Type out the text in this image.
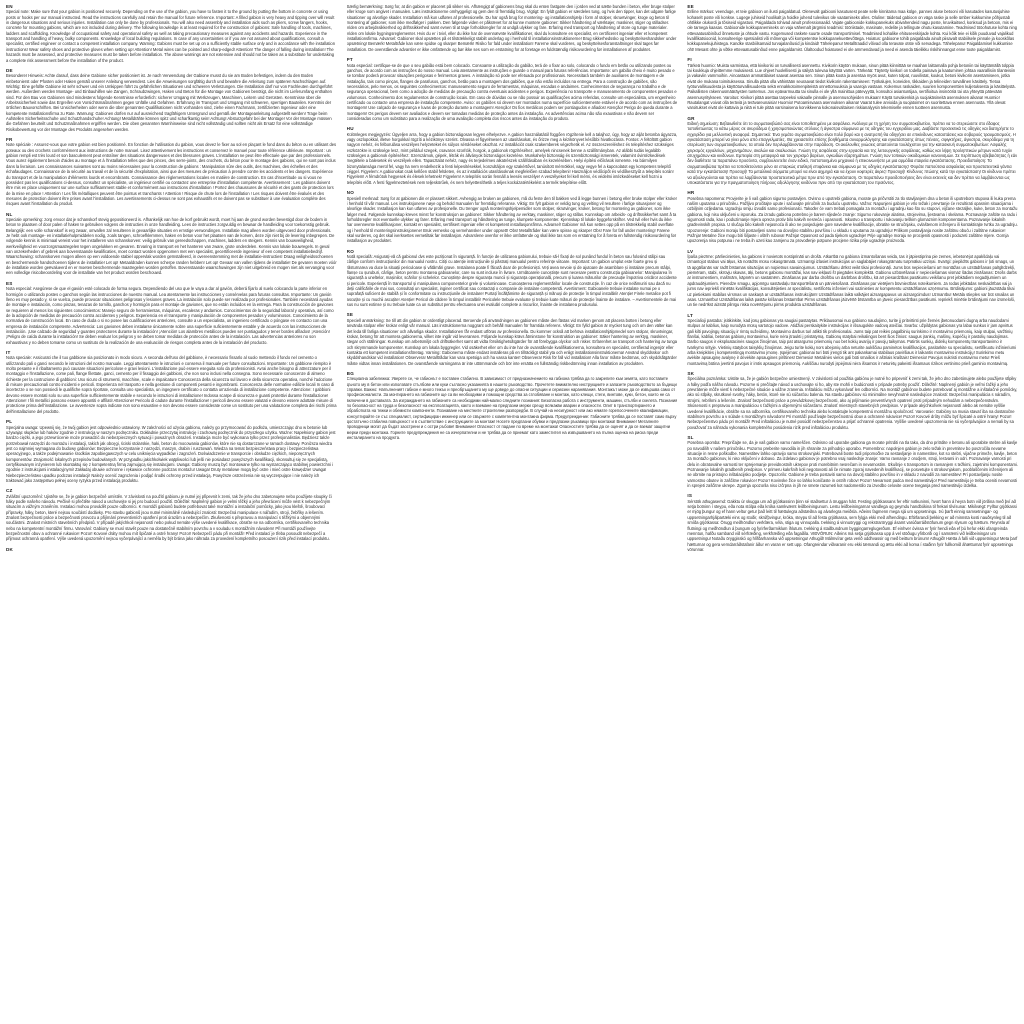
EN

Special note: Make sure that your gabion is positioned securely. Depending on the use of the gabion, you have to fasten it to the ground by putting the bottom in concrete or using posts or hooks per our manual instructed. Read the instructions carefully and retain the manual for future reference. Important: A filled gabion is very heavy and tipping over will result in dangerous situations and serious injuries. Installation can only be done by professionals. You will also need assembly and installation aids such as pliers, screw fangers, hooks, concrete for mounting gabions, which are not included during delivery. The following knowledge is at least required for the construction of gabions: Safe handling of tools, machines, ladders and scaffolding. Knowledge of occupational safety and operational safety as well as taking precautionary measures against any accidents and hazards. Experience in the transport and handling of heavy, bulky components. Knowledge of local building regulations. In case of any uncertainties or if you are not assured about qualifications, consult a specialist, certified engineer or contact a competent installation company. Warning: Gabions must be set up on a sufficiently stable surface only and in accordance with the installation instructions! Wear safety shoes and protective gloves when setting up! Attention! Metal wires can be pointed and sharp-edged! Attention! The danger of falling during installation! The hazards must be assessed, and protective measures must be taken before installation. The above warnings are not extensive and should not be taken as a substitute for undertaking a complete risk assessment before the installation of the product.

DE

Besonderer Hinweis: Achte darauf, dass deine Gabione sicher positioniert ist. Je nach Verwendung der Gabione musst du sie am Boden befestigen, indem du den Boden einbetonierst oder Pfosten oder Haken gemäß unserer Anleitung verwendest. Lies die Anweisungen sorgfältig durch und bewahre die Anleitung zum späteren Nachschlagen auf. Wichtig: Eine gefüllte Gabione ist sehr schwer und ein Umkippen führt zu gefährlichen Situationen und schweren Verletzungen. Die Installation darf nur von Fachleuten durchgeführt werden. Außerdem werden Montage- und Einbauhilfen wie Zangen, Schraubzwingen, Haken und Beton für die Montage von Gabionen benötigt, die nicht im Lieferumfang enthalten sind. Für den Bau von Gabionen sind mindestens folgende Kenntnisse erforderlich: sicherer Umgang mit Werkzeugen, Maschinen, Leitern und Gerüsten. Kenntnisse über die Arbeitssicherheit sowie das Ergreifen von Vorsichtsmaßnahmen gegen Unfälle und Gefahren. Erfahrung im Transport und Umgang mit schweren, sperrigen Bauteilen. Kenntnis der örtlichen Bauvorschriften. Bei Unsicherheiten oder wenn die über genannten Qualifikationen nicht vorhanden sind, ziehe einen Fachmann, zertifizierten Ingenieur oder eine kompetente Installationsfirma zu Rate. Warnung: Gabionen dürfen nur auf ausreichend tragfähigem Untergrund und gemäß der Montageanleitung aufgestellt werden! Trage beim Aufstellen Sicherheitsschuhe und Schutzhandschuhe! Achtung! Metalldrähte können spitz und scharfkantig sein! Achtung! Absturzgefahr bei der Montage! Vor der Montage müssen die Gefahren beurteilt und Schutzmaßnahmen ergriffen werden. Die oben genannten Warnhinweise sind nicht vollständig und sollten nicht als Ersatz für eine vollständige Risikobewertung vor der Montage des Produkts angesehen werden.

FR

Note spéciale : Assurez-vous que votre gabion est bien positionné. En fonction de l'utilisation du gabion, vous devez le fixer au sol en plaçant le fond dans du béton ou en utilisant des poteaux ou des crochets conformément aux instructions de notre manuel. Lisez attentivement les instructions et conservez le manuel pour toute référence ultérieure. Important : un gabion rempli est très lourd et son basculement peut entraîner des situations dangereuses et des blessures graves. L'installation ne peut être effectuée que par des professionnels. Vous aurez également besoin d'aides au montage et à l'installation telles que des pinces, des serre-joints, des crochets, du béton pour le montage des gabions, qui ne sont pas inclus dans la livraison. Les connaissances suivantes sont au moins nécessaires pour la construction de gabions : Manipulation sûre des outils, des machines, des échelles et des échafaudages. Connaissance de la sécurité au travail et de la sécurité d'exploitation, ainsi que des mesures de précaution à prendre contre les accidents et les dangers. Expérience du transport et de la manipulation d'éléments lourds et encombrants. Connaissance des réglementations locales en matière de construction. En cas d'incertitude ou si vous ne possédez pas les qualifications ci-dessus, consultez un spécialiste, un ingénieur certifié ou contactez une entreprise d'installation compétente. Avertissement : Les gabions doivent être mis en place uniquement sur une surface suffisamment stable et conformément aux instructions d'installation ! Portez des chaussures de sécurité et des gants de protection lors de la mise en place ! Attention ! Les fils métalliques peuvent être pointus et tranchants ! Attention ! Risque de chute lors de l'installation ! Les risques doivent être évalués et des mesures de protection doivent être prises avant l'installation. Les avertissements ci-dessus ne sont pas exhaustifs et ne doivent pas se substituer à une évaluation complète des risques avant l'installation du produit.

NL

Speciale opmerking: zorg ervoor dat je schanskorf stevig gepositioneerd is. Afhankelijk van hoe de korf gebruikt wordt, moet hij aan de grond worden bevestigd door de bodem in beton te plaatsen of door palen of haken te gebruiken volgens de instructies in onze handleiding. Lees de instructies zorgvuldig en bewaar de handleiding voor toekomstig gebruik. Belangrijk: een volle schanskorf is erg zwaar, omvallen zal resulteren in gevaarlijke situaties en ernstige verwondingen. Installatie mag alleen worden uitgevoerd door professionals. Je hebt ook montage- en installatiehulpmiddelen nodig, zoals tangen, schroefklemmen, haken en beton voor het plaatsen van de korven, deze zijn niet bij de levering inbegrepen. De volgende kennis is minimaal vereist voor het installeren van schanskorven: veilig gebruik van gereedschappen, machines, ladders en steigers. Kennis van bouwveiligheid, werkveiligheid en voorzorgsmaatregelen tegen ongelukken en gevaren. Ervaring in transport en het hanteren van zware, grote onderdelen. Kennis van lokale bouwregels. In geval van onzekerheden of gebrek aan bovenstaande kwalificaties, moet contact worden opgenomen met een specialist, gecertificeerde ingenieur of een competent installatiebedrijf. Waarschuwing: schanskorven mogen alleen op een voldoende stabiel oppervlak worden geïnstalleerd, in overeenstemming met de installatie-instructies! Draag veiligheidsschoenen en beschermende handschoenen tijdens de installatie! Let op! Metaaldraden kunnen scherpe randen hebben! Let op! Gevaar van vallen tijdens de installatie! De gevaren moeten vóór de installatie worden geëvalueerd en er moeten beschermende maatregelen worden getroffen. Bovenstaande waarschuwingen zijn niet uitgebreid en mogen niet als vervanging voor een volledige risicobeoordeling voor de installatie van het product worden beschouwd.

ES

Nota especial: Asegúrese de que el gavión esté colocado de forma segura. Dependiendo del uso que le vaya a dar al gavión, deberá fijarlo al suelo colocando la parte inferior en hormigón o utilizando postes o ganchos según las instrucciones de nuestro manual. Lea atentamente las instrucciones y consérvelas para futuras consultas. Importante: Un gavión lleno es muy pesado y, si se vuelca, puede provocar situaciones peligrosas y lesiones graves. La instalación solo puede ser realizada por profesionales. También necesitará ayudas de montaje e instalación, como pinzas, tenazas de tornillo, ganchos y hormigón para el montaje de gaviones, que no están incluidos en la entrega. Para la construcción de gaviones se requieren al menos los siguientes conocimientos: Manejo seguro de herramientas, máquinas, escaleras y andamios. Conocimientos de la seguridad laboral y operativa, así como de la adopción de medidas de precaución contra accidentes y peligros. Experiencia en el transporte y manipulación de componentes pesados y voluminosos. Conocimiento de la normativa de construcción local. En caso de duda o si no posee las cualificaciones anteriores, consulte a un especialista, un ingeniero certificado o póngase en contacto con una empresa de instalación competente. Advertencia: Los gaviones deben instalarse únicamente sobre una superficie suficientemente estable y de acuerdo con las instrucciones de instalación. ¡Use calzado de seguridad y guantes protectores durante la instalación! ¡Atención! Los alambres metálicos pueden ser puntiagudos y tener bordes afilados! ¡Atención! ¡Peligro de caída durante la instalación! Se deben evaluar los peligros y se deben tomar medidas de protección antes de la instalación. Las advertencias anteriores no son exhaustivas y no deben tomarse como un sustituto de la realización de una evaluación de riesgos completa antes de la instalación del producto.

IT

Nota speciale: Assicurati che il tuo gabbione sia posizionato in modo sicuro. A seconda dell'uso del gabbione, è necessario fissarlo al suolo mettendo il fondo nel cemento o utilizzando pali o ganci secondo le istruzioni del nostro manuale. Leggi attentamente le istruzioni e conserva il manuale per future consultazioni. Importante: Un gabbione riempito è molto pesante e il ribaltamento può causare situazioni pericolose e gravi lesioni. L'installazione può essere eseguita solo da professionisti. Avrai anche bisogno di attrezzature per il montaggio e l'installazione, come pali, flange filettate, ganci, cemento per il fissaggio dei gabbioni, che non sono inclusi nella consegna. Sono necessarie conoscenze di almeno richieste per la costruzione di gabbioni: Uso sicuro di strumenti, macchine, scale e impalcature Conoscenza della sicurezza sul lavoro e della sicurezza operativa, nonché l'adozione di misure precauzionali contro incidenti e pericoli. Esperienza nel trasporto e nella gestione di componenti pesanti e ingombranti. Conoscenza delle normative edilizie locali In caso di incertezze o se non possiedi le qualifiche sopra riportate, consulta uno specialista, un ingegnere certificato o contatta un'azienda di installazione competente. Attenzione: I gabbioni devono essere montati solo su una superficie sufficientemente stabile e secondo le istruzioni di installazione! Indossa scarpe di sicurezza e guanti protettivi durante l'installazione! Attenzione! I fili metallici possono essere appuntiti e affilati! Attenzione! Pericolo di cadute durante l'installazione! I pericoli devono essere valutati e devono essere adottate misure di protezione prima dell'installazione. Le avvertenze sopra indicate non sono esaustive e non devono essere considerate come un sostituto per una valutazione completa dei rischi prima dell'installazione del prodotto.

PL

Specjalna uwaga: Upewnij się, że twój gabion jest odpowiednio ustawiony. W zależności od użycia gabionu, należy go przymocować do podłoża, umieszczając dno w betonie lub używając słupków lub haków zgodnie z instrukcją w naszym podręczniku. Dokładnie przeczytaj instrukcję i zachowaj podręcznik do przyszłego użytku. Ważne: Napełniony gabion jest bardzo ciężki, a jego przewrócenie może prowadzić do niebezpiecznych sytuacji i poważnych obrażeń. Instalacja może być wykonana tylko przez profesjonalistów. Będziesz także potrzebował narzędzi do montażu i instalacji, takich jak obcęgi, ściski stolarskie, haki, beton do mocowania gabionów, które nie są dostarczane w ramach dostawy. Poniższa wiedza jest co najmniej wymagana do budowy gabionów: Bezpieczne korzystanie z narzędzi, maszyn, drabin i rusztowań. Wiedza na temat bezpieczeństwa pracy i bezpieczeństwa operacyjnego, a także podejmowanie środków zapobiegawczych w celu uniknięcia wypadków i zagrożeń. Doświadczenie w transporcie i obsłudze ciężkich, nieporęcznych komponentów. Znajomość lokalnych przepisów budowlanych. W przypadku jakichkolwiek wątpliwości lub jeśli nie posiadasz powyższych kwalifikacji, skonsultuj się ze specjalistą, certyfikowanym inżynierem lub skontaktuj się z kompetentną firmą zajmującą się instalacjami. Uwaga: Gabiony muszą być montowane tylko na wystarczająco stabilnej powierzchni i zgodnie z instrukcjami instalacyjnymi! Zakładaj obuwie ochronne i rękawice ochronne podczas montażu! Uwaga! Druty metalowe mogą być ostre i mieć ostre krawędzie! Uwaga! Niebezpieczeństwo upadku podczas instalacji! Należy ocenić zagrożenia i podjąć środki ochrony przed instalacją. Powyższe ostrzeżenia nie są wyczerpujące i nie należy ich traktować jako zastępstwo pełnej oceny ryzyka przed instalacją produktu.

CZ

Zvláštní upozornění: Ujistěte se, že je gabion bezpečně umístěn. V závislosti na použití gabionu je nutné jej připevnit k zemi, tak že jeho dno zabetonujete nebo použijete sloupky či háky podle našeho návodu. Pečlivě si přečtěte návod a uschovejte si jej pro budoucí použití. Důležité: Naplněný gabion je velmi těžký a jeho převrácení může vést k nebezpečným situacím a vážným zraněním. Instalaci mohou provádět pouze odborníci. K montáži gabionů budete potřebovat také montážní a instalační pomůcky, jako jsou kleště, šroubovací přípravky, háky, beton, které nejsou součástí dodávky. Pro stavbu gabionů jsou nutné minimálně následující znalosti: Bezpečná manipulace s nářadím, stroji, žebříky a lešením. Znalost bezpečnosti práce a bezpečnosti provozu a přijímání preventivních opatření proti úrazům a nebezpečím. Zkušenosti s přepravou a manipulací s těžkými a objemnými součástmi. Znalost místních stavebních předpisů. V případě jakýchkoli nejasností nebo pokud nemáte výše uvedené kvalifikace, obraťte se na odborníka, certifikovaného technika nebo na kompetentní montážní firmu. Varování: Gabiony se musí stavět pouze na dostatečně stabilním povrchu a v souladu s montážním návodem! Při montáži používejte bezpečnostní obuv a ochranné rukavice! Pozor! Kovové dráty mohou mít špičaté a ostré hrany! Pozor! Nebezpečí pádu při montáži! Před instalací je třeba posoudit nebezpečí a přijmout ochranná opatření. Výše uvedená upozornění nejsou vyčerpávající a neměla by být brána jako náhrada za provedení kompletního posouzení rizik před instalací produktu.

DK

Særlig bemærkning: Sørg for, at din gabion er placeret på sikker vis. Afhængigt af gabionens brug skal du enten fastgøre den i jorden ved at sætte bunden i beton, eller bruge stolper eller kroge som angivet i manualen. Læs instruktionerne omhyggeligt og gem den til fremtidig brug. Vigtigt: En fyldt gabion er særdeles tung, og hvis den tipper, kan det udgøre farlige situationer og alvorlige skader. Installation må kun udføres af professionelle. Du har også brug for montering- og installationshjælp i form af stolper, skruetvinger, kroge og beton til montering af gabioner, som ikke medfølger i pakken. Den følgende viden er påkrævet for at kunne montere gabioner: Sikker håndtering af værktøjer, maskiner, stiger og stilladser. Viden om arbejdssikkerhed og driftssikkerhed samt evnen til at tage forholdsregler for at undgå ulykker og fare. Erfaring med transport og håndtering af store og tunge materialer. Viden om lokale bygningsreglementer. Hvis du er i tvivl, eller du ikke har de ovennævnte kvalifikationer, skal du konsultere en specialist, en certificeret ingeniør eller et kompetent installationsfirma. Advarsel: Gabioner skal opsættes på et tilstrækkeligt stabilt underlag og i henhold til installationsinstruktionerne! Brug sikkerhedssko og beskyttelseshandsker under opsætning! Bemærk! Metaltråde kan være spidse og skarpe! Bemærk! Risiko for fald under installation! Farerne skal vurderes, og beskyttelsesforanstaltninger skal tages før installation. De ovenstående advarsler er ikke omfattende og bør ikke ses som en erstatning for at foretage en fuldstændig risikovurdering før installationen af produktet.

PT

Nota especial: certifique-se de que o seu gabião está bem colocado. Consoante a utilização do gabião, terá de o fixar ao solo, colocando o fundo em betão ou utilizando postes ou ganchos, de acordo com as instruções do nosso manual. Leia atentamente as instruções e guarde o manual para futuras referências. Importante: um gabião cheio é muito pesado e se tombar poderá provocar situações perigosas e ferimentos graves. A instalação só pode ser efetuada por profissionais. Necessitará também de auxiliares de montagem e de instalação, tais como pinças, flanges de parafusos, ganchos, betão para a montagem dos gabiões, que não estão incluídos na entrega. Para a construção de gabiões, são necessários, pelo menos, os seguintes conhecimentos: manuseamento seguro de ferramentas, máquinas, escadas e andaimes. Conhecimentos de segurança no trabalho e de segurança operacional, bem como a adoção de medidas de precaução contra eventuais acidentes e perigos. Experiência no transporte e manuseamento de componentes pesados e volumosos. Conhecimento dos regulamentos de construção locais. Em caso de dúvidas ou se não possuir as qualificações acima referidas, consulte um especialista, um engenheiro certificado ou contacte uma empresa de instalação competente. Aviso: os gabiões só devem ser montados numa superfície suficientemente estável e de acordo com as instruções de montagem! Use calçado de segurança e luvas de proteção durante a montagem! Atenção! Os fios metálicos podem ser pontiagudos e afiados! Atenção! Perigo de queda durante a montagem! Os perigos devem ser avaliados e devem ser tomadas medidas de proteção antes da instalação. As advertências acima não são exaustivas e não devem ser consideradas como um substituto para a realização de uma avaliação completa dos riscos antes da instalação do produto.

HU

Különleges megjegyzés: Ügyeljen arra, hogy a gabion biztonságosan legyen elhelyezve. A gabion használatától függően rögzítenie kell a talajhoz, úgy, hogy az alját betonba ágyazza, vagy oszlopokkal, illetve horgokkal rögzíti a kézikönyv szerint. Olvassa el figyelmesen az utasításokat, és őrizze meg a kézikönyvet későbbi hivatkozásra. Fontos: A feltöltött gabion nagyon nehéz, és felborulása veszélyes helyzeteket és súlyos sérüléseket okozhat. Az installációt csak szakemberek végezhetik el. Az összeszereléshez és telepítéshez szükséges eszközökre is szüksége lesz, mint például szegek, csavaros szorítók, horgok, a gabionok rögzítéséhez, amelyek nincsenek benne a szállítmányban. Az alábbi tudás legalább szükséges a gabionok építéséhez: Szerszámok, gépek, létrák és állványok biztonságos kezelése. Munkahelyi biztonság és üzembiztonsági ismeretek, valamint óvintézkedések megtétele a balesetek és veszélyek ellen. Tapasztalat nehéz, nagy és terjedelmes alkatrészek szállításában és kezelésében. Helyi építési előírások ismerete. Ha bármilyen bizonytalansága merül fel, vagy ha nem rendelkezik a fenti képesítésekkel, konzultáljon egy szakértővel, tanúsított mérnökkel, vagy vegye fel a kapcsolatot egy kompetens telepítő céggel. Figyelem: A gabionokat csak kellően stabil felületen, és az installációs utasításoknak megfelelően szabad telepíteni! Használjon védőcipőt és védőkesztyűt a telepítés során! Figyelem! A fémdrótok hegyesek és élesek lehetnek! Figyelem! A telepítés során fennáll a leesés veszélye! A veszélyeket fel kell mérni, és védelmi intézkedéseket kell hozni a telepítés előtt. A fenti figyelmeztetések nem teljeskörűek, és nem helyettesíthetik a teljes kockázatértékelést a termék telepítése előtt.

NO

Spesiell merknad: Sørg for at gabionen din er plassert sikkert. Avhengig av bruken av gabionen, må du feste den til bakken ved å legge bunnen i betong eller bruke stolper eller kroker i henhold til vår manual. Les instruksjonene nøye og behold manualen for fremtidig referanse. Viktig: En fylt gabion er veldig tung og velting vil resultere i farlige situasjoner og alvorlige skader. Installasjon kan kun utføres av profesjonelle. Du trenger også monteringshjelpemidler som stolper, skrutvinger, kroker, betong for montering av gabioner, som ikke følger med. Følgende kunnskap kreves minst for konstruksjon av gabioner: Sikker håndtering av verktøy, maskiner, stiger og stillas. Kunnskap om arbeids- og driftssikkerhet samt å ta forholdsregler mot eventuelle ulykker og farer. Erfaring med transport og håndtering av tunge, klumpete komponenter. Kjennskap til lokale byggeforskrifter. Ved tvil eller hvis du ikke har ovennevnte kvalifikasjoner, kontakt en spesialist, sertifisert ingeniør eller et kompetent installasjonsfirma. Advarsel! Gabioner må kun settes opp på en tilstrekkelig stabil overflate og i henhold til monteringsinstruksjonene! Bruk vernesko og vernehansker under oppsett! Obs! Metalltråder kan være spisse og skarpe! Obs! Fare for fall under montering! Farene skal vurderes, og det skal iverksettes vernetiltak før installasjon. Advarslene ovenfor er ikke omfattende og skal ikke tas som en erstatning for å foreta en fullstendig risikovurdering før installasjon av produktet.

RO

Notă specială: Asigurați-vă că gabionul dvs este poziționat în siguranță. În funcție de utilizarea gabionului, trebuie să-l fixați de sol punând fundul în beton sau folosind stâlpi sau cârlige conform instrucțiunilor din manualul nostru. Citiți cu atenție instrucțiunile și păstrați manualul pentru referințe viitoare. Important: Un gabion umplut este foarte greu și răsturnarea va duce la situații periculoase și vătămări grave. Instalarea poate fi făcută doar de profesioniști. Veți avea nevoie și de ajutoare de asamblare și instalare precum stâlpi, flanșe cu șuruburi, cârlige, beton pentru montarea gabioanelor, care nu sunt incluse în livrare. Următoarele cunoștințe sunt necesare pentru construcția gabioanelor: Manipularea în siguranță a uneltelor, mașinilor, scărilor și schelelor. Cunoștințe despre siguranța muncii și siguranța operațională, precum și luarea măsurilor de precauție împotriva oricăror accidente și pericole. Experiență în transportul și manipularea componentelor grele și voluminoase. Cunoașterea reglementărilor locale de construcție. În caz de orice nelămuriri sau dacă nu deții calificările de mai sus, consultați un specialist, inginer certificat sau contactați o companie de instalare competentă. Avertisment: Gabioanele trebuie instalate numai pe o suprafață suficient de stabilă și în conformitate cu instrucțiunile de instalare! Purtați încălțăminte de siguranță și mănuși de protecție în timpul instalării! Atenție! Firele metalice pot fi ascuțite și cu muchii ascuțite! Atenție! Pericol de cădere în timpul instalării! Pericolele trebuie evaluate și trebuie luate măsuri de protecție înainte de instalare. – Avertismentele de mai sus nu sunt extinse și nu trebuie luate ca un substitut pentru efectuarea unei evaluări complete a riscurilor, înainte de instalarea produsului.

SE

Speciell anmärkning: Se till att din gabion är ordentligt placerad. Beroende på användningen av gabionen måste den fästas vid marken genom att placera botten i betong eller använda stolpar eller krokar enligt vår manual. Läs instruktionerna noggrant och behåll manualen för framtida referens. Viktigt: En fylld gabion är mycket tung och om den välter kan det leda till farliga situationer och allvarliga skador. Installationen får endast utföras av professionella. Du kommer också att behöva installationshjälpmedel som stolpar, skruvtvingar, krokar, betong för att montera gabionerna, vilket inte ingår vid leveransen. Följande kunskap krävs åtminstone för konstruktion av gabioner: Säker hantering av verktyg, maskiner, stegar och ställningar. Kunskap om arbetsmiljö och driftsäkerhet samt att vidta försiktighetsåtgärder för att förebygga olyckor och risker. Erfarenhet av transport och hantering av tunga och skrymmande komponenter. Kunskap om lokala byggregler. Vid osäkerhet eller om du inte har de ovanstående kvalifikationerna, konsultera en specialist, certifierad ingenjör eller kontakta ett kompetent installationsföretag. Varning: Gabionerna måste endast installeras på en tillräckligt stabil yta och enligt installationsinstruktionerna! Använd skyddsskor och skyddshandskar vid installation! Observera! Metalltrådar kan vara spetsiga och ha vassa kanter! Observera! Risk för fall vid installation! Alla faror måste bedömas, och skyddsåtgärder måste vidtas innan installationen. De ovanstående varningarna är inte uttömmande och bör inte ersätta en fullständig riskbedömning innan installation av produkten.

BG

Специална забележка: Уверете се, че габионът е поставен стабилно. В зависимост от предназначението на габиона трябва да го закрепите към земята, като поставите дъното му в бетон или използвате стълбове или куки съгласно указанията в нашето ръководство. Прочетете внимателно инструкциите и запазете ръководството за бъдещи справки. Важно: Напълненият габион е много тежък и преобръщането му ще доведе до опасни ситуации и сериозни наранявания. Монтажът може да се извършва само от професионалисти. За монтирането на габионите ще са ви необходими и помощни средства за сглобяване и монтаж, като клещи, стеги, винтове, куки, бетон, които не са включени в доставката. За изграждането на габионите са необходими най-малко следните познания: Безопасна работа с инструменти, машини, стълби и скелета. Познания по безопасност на труда и безопасност на експлоатацията, както и вземане на предпазни мерки срещу всякакви аварии и опасности. Опит в транспортирането и обработката на тежки и обемисти компоненти. Познаване на местните строителни разпоредби. В случай на несигурност или ако нямате горепосочените квалификации, консултирайте се със специалист, сертифициран инженер или се свържете с компетентна монтажна фирма. Предупреждение: Габионите трябва да се поставят само върху достатъчно стабилна повърхност и в съответствие с инструкциите за монтаж! Носете предпазни обувки и предпазни ръкавици при монтажа! Внимание! Металните проводници могат да бъдат заострени и с остри ръбове! Внимание! Опасност от падане по време на монтажа! Опасностите трябва да се оценят и да се вземат защитни мерки преди монтажа. Горните предупреждения не са изчерпателни и не трябва да се приемат като заместител на извършването на пълна оценка на риска преди инсталирането на продукта.

EE

Eriline märkus: veenduge, et teie gabioon on ilusti paigaldatud. Olenevalt gabiooni kasutusest peate selle kinnitama maa külge, pannes aluse betooni või kasutades kasutusjuhise kohaselt poste või konkse. Lugege juhiseid hoolikalt ja hoidke juhend tulevikus üle vaatamiseks alles. Oluline: täidetud gabioon on väga raske ja selle ümber kukkumine põhjustab ohtlikke olukordi ja tõsiseid vigastusi. Paigaldada tohivad ainult professionaalid. Vajate gabioonide kokkupanekuks abivahendeid nagu poste, kruvikaitsed, konksud ja betoon, mis ei ole tarnega kaasas. Gabioonide kokkupanemiseks on vaja vähemalt järgmisi teadmisi: tööriistade, masinate, redelite ja tellingute ohutu kasutamine. Teadmised tööohutuse kohta ning ettevaatusabinõud õnnetuste ja ohtude vastu. Kogemused raskete suurte osade transportimisel. Teadmised kohalike ehituseeskirjade kohta. Kui kõik teie ei kõik puuduvad vajalikud kvalifikatsioonid, konsulteerige spetsialisti või mõnenga või kompetentse kokkupanekuettevõttega. Hoiatus: gabioone tohib paigaldada ainult piisavalt stabiilsele pinnale ja kooskõlas kokkupanekujuhistega. Kandke stasbiilsamaid turvajalanõusid ja kindaid! Tähelepanu! Metalltraadid võivad olla teravate otste või servadega. Tähelepanu! Paigaldamisel kukkumise oht! Mesast ohte ja võtke ettevaatusabinõud enne paigaldamist. Ülaltoodud hoiatused ei ole ammendavad ja need ei asenda täielikku riskihinnangut enne toote paigaldamist.

FI

Tärkeä huomio: Muista varmistaa, että kivikorisi on turvallisesti asennettu. Kivikorin käytön mukaan, sinun pitää kiinnittää se maahan laittamalla pohja betoniin tai käyttämällä tolppia tai koukkuja ohjeittemme mukaisesti. Lue ohjeet huolellisesti ja säilytä tulevaa käyttöä varten. Tärkeää: Täytetty kivikori on todella painava ja kaatuminen johtaa vaarallisiin tilanteisiin ja vakaviin vammoihin. Ainoastaan ammattilaiset saavat asentaa sen. Sinun pitää koota ja asentaa myös avut, kuten tolpat, ruuvilistat, koukut, betoni kivikorin asentamiseen, jotka eivät ole mukana toimituksessa. Sinulla pitää olla vähintään seuraavat tiedot kivikorin rakentamiseen: Työkalujen, koneiden, tikkaiden ja telineiden turvallinen käsittely. Tietoa työturvallisuudesta ja käyttöturvallisuudesta sekä ennakkotoimenpiteistä onnettomuuksia ja vaaroja vastaan. Kokemus raskaiden, suurien komponenttien kuljetuksesta ja käsittelystä. Paikallisten rakennusmääräysten tuntemus. Jos epävarmuutta tai sinulla ei ole yllä mainittua pätevyyttä, konsultoi asiantuntijaa, sertifioitua insinööriä tai ota yhteyttä pätevään asennusyritykseen. Varoitus: Kivikori pitää asettaa tarpeeksi vakaalle pinnalle ja asennusohjeiden mukaan! Käytä turvakenkiä ja suojakäsineitä asennuksen aikana! Huomio! Rautalangat voivat olla teräviä ja terävareunaisia! Huomio! Putoamisvaara asennuksen aikana! Vaarat tulee arvioida ja suojatoimet on suoritettava ennen asennusta. Yllä olevat varoitukset eivät ole kattavia ja niitä ei tule pitää varsinaisena korvikkeena kokonaisvaltaisen riskianalyysin tekemiselle ennen tuotteen asennusta.

GR

Ειδική σημείωση: Βεβαιωθείτε ότι το συρματοκιβώτιό σας είναι τοποθετημένο με ασφάλεια. Ανάλογα με τη χρήση του συρματοκιβωτίου, πρέπει να το στερεώσετε στο έδαφος τοποθετώντας το κάτω μέρος σε σκυρόδεμα ή χρησιμοποιώντας στύλους ή άγκιστρα σύμφωνα με τις οδηγίες του εγχειριδίου μας. Διαβάστε προσεκτικά τις οδηγίες και διατηρήστε το εγχειρίδιο για μελλοντική αναφορά. Σημαντικό: Ένα γεμάτο συρματοκιβώτιο είναι πολύ βαρύ και η ανατροπή θα οδηγήσει σε επικίνδυνες καταστάσεις και σοβαρούς τραυματισμούς. Η εγκατάσταση μπορεί να γίνει μόνο από επαγγελματίες. Θα χρειαστείτε επίσης βοηθήματα συναρμολόγησης και εγκατάστασης όπως πένσες, σφιγκτήρες, άγκιστρα, σκυρόδεμα για τη στερέωση των συρματοκιβωτίων, τα οποία δεν περιλαμβάνονται στην παράδοση. Οι ακόλουθες γνώσεις απαιτούνται τουλάχιστον για την κατασκευή συρματοκιβωτίων: Ασφαλής χειρισμός εργαλείων, μηχανημάτων, σκαλών και σκαλωσιών. Γνώση της ασφάλειας στην εργασία και της λειτουργικής ασφάλειας, καθώς και λήψη προληπτικών μέτρων κατά τυχόν ατυχημάτων και κινδύνων. Εμπειρία στη μεταφορά και τον χειρισμό βαρέων, ογκωδών εξαρτημάτων. Γνώση των τοπικών οικοδομικών κανονισμών. Σε περίπτωση αβεβαιότητας ή εάν δεν διαθέτετε τα παραπάνω προσόντα, συμβουλευτείτε έναν ειδικό, πιστοποιημένο μηχανικό ή επικοινωνήστε με μια αρμόδια εταιρεία εγκατάστασης. Προειδοποίηση: Τα συρματοκιβώτια πρέπει να τοποθετούνται μόνο σε επαρκώς σταθερή επιφάνεια και σύμφωνα με τις οδηγίες εγκατάστασης! Φοράτε παπούτσια ασφαλείας και προστατευτικά γάντια κατά την εγκατάσταση! Προσοχή! Τα μεταλλικά σύρματα μπορεί να είναι αιχμηρά και να έχουν κοφτερές άκρες! Προσοχή! Κίνδυνος πτώσης κατά την εγκατάσταση! Οι κίνδυνοι πρέπει να αξιολογούνται και πρέπει να λαμβάνονται προστατευτικά μέτρα πριν από την εγκατάσταση. Οι παραπάνω προειδοποιήσεις δεν είναι εκτενείς και δεν πρέπει να λαμβάνονται ως υποκατάστατο για την πραγματοποίηση πλήρους αξιολόγησης κινδύνου πριν από την εγκατάσταση του προϊόντος.

HR

Posebna napomena: Provjerite je li vaš gabion sigurno postavljen. Ovisno o upotrebi gabiona, morate ga pričvrstiti za tlo stavljanjem dna u beton ili upotrebom stupova ili kuka prema našim uputama u priručniku. Pažljivo pročitajte upute i sačuvajte priručnik za buduću upotrebu. Važno: Napunjeni gabion je vrlo težak i prevrtanje će rezultirati opasnim situacijama i ozbiljnim ozljedama. Ugradnju smiju izvoditi samo profesionalci. Također će vam trebati pomagala za montažu i ugradnju kao što su stupovi, vijčane stezaljke, kuke, beton za montažu gabiona, koji nisu uključeni u isporuku. Za izradu gabiona potrebno je barem sljedeće znanje: Sigurno rukovanje alatima, strojevima, ljestvama i skelama. Poznavanje zaštite na radu i sigurnosti rada, kao i poduzimanje mjera opreza protiv bilo kakvih nesreća i opasnosti. Iskustvo u transportu i rukovanju teškim glomaznim komponentama. Poznavanje lokalnih građevinskih propisa. U slučaju bilo kakvih nejasnoća ili ako ne posjedujete gore navedene kvalifikacije, obratite se stručnjaku, ovlaštenom inženjeru ili kontaktirajte tvrtku za ugradnju. Upozorenje: Gabioni moraju biti postavljeni samo na dovoljno stabilnu površinu i u skladu s uputama za ugradnju! Prilikom postavljanja nosite zaštitnu obuću i zaštitne rukavice! Pažnja! Metalne žice mogu biti šiljaste i oštrih rubova! Pažnja! Opasnost od pada tijekom ugradnje! Prije ugradnje moraju se procijeniti opasnosti i poduzeti zaštitne mjere. Gornja upozorenja nisu potpuna i ne treba ih uzeti kao zamjenu za provođenje potpune procjene rizika prije ugradnje proizvoda.

LV

Īpaša piezīme: pārliecinieties, ka gabions ir novietots nostiprināti un drošā. Atkarībā no gabiona izmantošanas veida, tas ir jāpiestiprina pie zemes, iebetonējot apakšdaļu vai izmantojot stabus vai āķus, kā norādīts mūsu rokasgrāmatā. Uzmanīgi izlasiet instrukcijas un saglabājiet rokasgrāmatu turpmākai uzziņai. Svarīgi: piepildīts gabions ir ļoti smags, un tā apgāšanās var radīt bīstamas situācijas un nopietnus savainojumus. Uzstādīšanu drīkst veikt tikai profesionāļi. Jums būs nepieciešami arī montāžas un uzstādīšanas palīglīdzekļi, piemēram, stabi, skrūvju skavas, āķi, betons gabionu montāžai, kas nav iekļauti šī piegādes komplektā. Gabionu uzbūvēšanai ir nepieciešamas vismaz šādas zināšanas: Drošs darbs ar instrumentiem, mašīnām, kāpnēm un sastatnēm. Zināšanas par darba drošību un darbības drošību, kā arī piesardzības pasākumu veikšanu pret jebkādiem negadījumiem un apdraudējumiem. Pieredze smagu, apjomīgu sastāvdaļu transportēšanā un pārvietošanā. Zināšanas par vietējiem būvniecības noteikumiem. Ja rodas jebkādas neskaidrības vai ja jums nav iepriekš minētās kvalifikācijas, konsultējieties ar speciālistu, sertificētu inženieri vai sazinieties ar kompetentu uzstādīšanas uzņēmumu. Brīdinājums: gabioni jāuzstāda tikai uz pietiekami stabilas virsmas un saskaņā ar uzstādīšanas instrukcijām! Uzstādīšanas laikā valkājiet aizsargapavus un aizsargcimdus! Uzmanību! Metāla stieples var būt smailas un asas. Uzmanību! Uzstādīšanas laikā pastāv krišanas bīstamība! Pirms uzstādīšanas jāizvērtē bīstamība un jāveic piesardzības pasākumi. Iepriekš minētie brīdinājumi nav izsmeloši, un tie nedrīkst aizstāt pilnīgu riska novērtējumu pirms produkta uzstādīšanas.

LT

Specialioji pastaba: įsitikinkite, kad jūsų gabionas yra saugiai pastatytas. Priklausomai nuo gabiono naudojimo, turite jį pritvirtinti prie žemės įbetonuodami dugną arba naudodami stulpus ar kablius, kaip nurodyta mūsų vartotojo vadove. Atidžiai perskaitykite instrukcijas ir išsaugokite vadovą ateičiai. Svarbu: užpildytas gabionas yra labai sunkus ir jam apvirtus gali kilti pavojingų situacijų ir rimtų sužeidimų. Montavimo darbus turi atlikti tik profesionalai. Jums taip pat reikės pagalbinių surinkimo ir montavimo priemonių, kaip stulpai, varžtinių flanšai, kabliai, betonas gabionų montavimui, kurie nėra įtraukti į pristatymą. Gabionų statybai reikalingos bent šios žinios: saugus įrankių, mašinų, kopėčių ir pastolių naudojimas. Darbo saugos ir eksploatacinės saugos žinojimas, taip pat atsargumo priemonių nuo bet kokių avarijų ir pavojų taikymas. Patirtis sunkių, didelių komponentų transportavimo ir tvarkymo srityje. Vietinių statybos taisyklių žinojimas. Jeigu turite kokių nors abejonių arba neturite aukščiau paminėtos kvalifikacijos, pasitarkite su specialistu, sertifikuotu inžinieriumi arba kreipkitės į kompetentingą montavimo įmonę. Įspėjimas: gabionai turi būti įrengti tik ant pakankamai stabilaus paviršiaus ir laikantis montavimo instrukcijų! Surinkimo metu avėkite apsauginę avalynę ir dėvėkite apsaugines pirštines! Dėmesio! Metalinės vielos gali būti smailios ir aštriais kraštais! Dėmesio! Pavojus nukristi montavimo metu! Prieš montavimą būtina įvertinti pavojus ir imtis apsaugos priemonių. Aukščiau nurodyti įspėjimai nėra išsamūs ir neturėtų pakeisti išsamaus rizikos vertinimo prieš gaminio montavimą.

SK

Špeciálna poznámka: Uistite sa, že je gabión bezpečne umiestnený. V závislosti od použitia gabiónu je nutné ho pripevniť k zemi tak, že jeho dno zabetónujete alebo použijete stĺpiky a háky podľa nášho návodu. Pozorne si prečítajte návod a uschovajte si ho, aby ste mohli v budúcnosti v prípade potreby použiť. Dôležité: Naplnený gabión je veľmi ťažký a jeho prevrátenie môže viesť k nebezpečné situácie a vážne zranenia. Inštaláciu môžu vykonávať len odborníci. Na montáž gabiónov budete potrebovať aj montážne a inštalačné pomôcky, ako sú stĺpiky, skrutkové svorky, háky, betón, ktoré nie sú súčasťou balenia. Na stavbu gabiónov sú minimálne nevyhnutné nasledujúce znalosti: Bezpečná manipulácia s náradím, strojmi, rebríkmi a lešením. Znalosť bezpečnosti práce a prevádzkovej bezpečnosti, ako aj prijímanie preventívnych opatrení proti prípadným nehodám a nebezpečenstvám. Skúsenosti s prepravou a manipuláciou s ťažkými a objemnými súčasťami. Znalosť miestnych stavebných predpisov. V prípade akýchkoľvek nejasností alebo ak nemáte vyššie uvedené kvalifikácie, obráťte sa na odborníka, certifikovaného technika alebo kontaktujte kompetentnú montážnu spoločnosť. Varovanie: Gabióny sa musia stavať iba na dostatočne stabilnom povrchu a v súlade s montážnym návodom! Pri montáži používajte bezpečnostnú obuv a ochranné rukavice! Pozor! Kovové drôty môžu byť špicaté a ostré hrany! Pozor! Nebezpečenstvo pádu pri montáži! Pred inštaláciou je nutné posúdiť nebezpečenstvo a prijať ochranné opatrenia. Vyššie uvedené upozornenia nie sú vyčerpávajúce a nemali by sa považovať za náhradu vykonania kompletného posúdenia rizík pred inštaláciou produktu.

SL

Posebna opomba: Prepričajte se, da je vaš gabion varno nameščen. Odvisno od uporabe gabiona ga morate pritrditi na tla tako, da dno pritrdite v betonu ali uporabite stebre ali kavlje po navodilih v našem priročniku. Pozorno preberite navodila in jih shranite za prihodnjo uporabo. Pomembno: napolnjen gabion je zelo težak in prevrnitev bo povzročila nevarne situacije in resne poškodbe. Namestitev lahko opravijo samo strokovnjaki. Potrebovali boste tudi pripomočke za sestavljanje in namestitev, kot so stebri, vijačne primeže, kavlje, beton za montažo gabionov, ki niso vključeni v dobavo. Za izdelavo gabionov je potrebno vsaj naslednje znanje: Varno ravnanje z orodjem, stroji, lestvami in odri. Poznavanje varnosti pri delu in obratovalne varnosti ter sprejemanje previdnostnih ukrepov proti morebitnim nesrečam in nevarnostim. Izkušnje s transportom in ravnanjem s težkimi, zajetnimi komponentami. Poznavanje lokalnih gradbenih predpisov. V primeru kakršnih koli negotovosti ali če nimate zgoraj navedenih kvalifikacij, se posvetujte s strokovnjakom, pooblaščenim inženirjem ali se obrnite na pristojno inštalacijsko podjetje. Opozorilo: Gabione je treba postaviti samo na dovolj stabilno površino in v skladu z navodili za namestitev! Pri postavljanju nosite varnostno obutev in zaščitne rokavice! Pozor! Kovinske žice so lahko koničaste in ostrih robov! Pozor! Nevarnost padca med namestitvijo! Pred namestitvijo je treba oceniti nevarnosti in sprejeti zaščitne ukrepe. Zgornja opozorila niso izčrpna in jih ne smete razumeti kot nadomestilo za izvedbo celovite ocene tveganja pred namestitvijo izdelka.

IS

Sérstök athugasemd: Gakktu úr skugga um að grjótkassinn þinn sé staðsettur á öruggan hátt. Festing grjótkassans fer eftir notkuninni, hvort hann á heyra botn við jörðina með því að setja botninn í steypu, eða nota stólpa eða króka samkvæmt leiðbeiningunum. Lestu leiðbeiningarnar vandlega og geymdu handbókina til frekari tilvísunar. Mikilvægt: Fylltur grjótkassi er mjög þungur og ef hann veltur getur það leitt til hættulegra aðstæðna og alvarlegra meiðsla. Aðeins fagmenn mega sjá um uppsetningu. Þú þarft einnig samsetningar- og uppsetningarhjálpartæki eins og stoðir, skrúfþvingur, króka, steypu til að festa grjótkassa, sem fylgja ekki með afhendingu. Eftirfarandi þekking er að minnsta kosti nauðsynleg til að smíða grjótkassa: Örugg meðhöndlun verkfæra, véla, stiga og vinnupalla. Þekking á vinnuöryggi og rekstraröryggi ásamt varúðarráðstöfunum gegn slysum og hættum. Reynsla af flutningi og meðhöndlun á þungum og fyrirferðarmiklum íhlutum. Þekking á staðbundnum byggingarreglugerðum. Ef einhver óvissa er fyrir hendi eða ef þú hefur ekki ofangreinda menntun, hafðu samband við sérfræðing, verkfræðing eða fagaðila. VIÐVÖRUN: Aðeins má setja grjótkassa upp á vel stöðugu yfirborði og í samræmi við leiðbeiningar um uppsetningu! Notaðu öryggisskó og hlífðarhanska við uppsetningu! Athugið! Málmvírar geta verið oddhvassir og með beittum brúnum! Athugið! Hætta á falli við uppsetningu! Meta þarf hætturnar og gera verndarráðstafanir áður en varan er sett upp. Ofangreindar viðvaranir eru ekki tæmandi og ættu ekki að koma í staðinn fyrir fullkomið áhættumat fyrir uppsetningu vörunnar.
